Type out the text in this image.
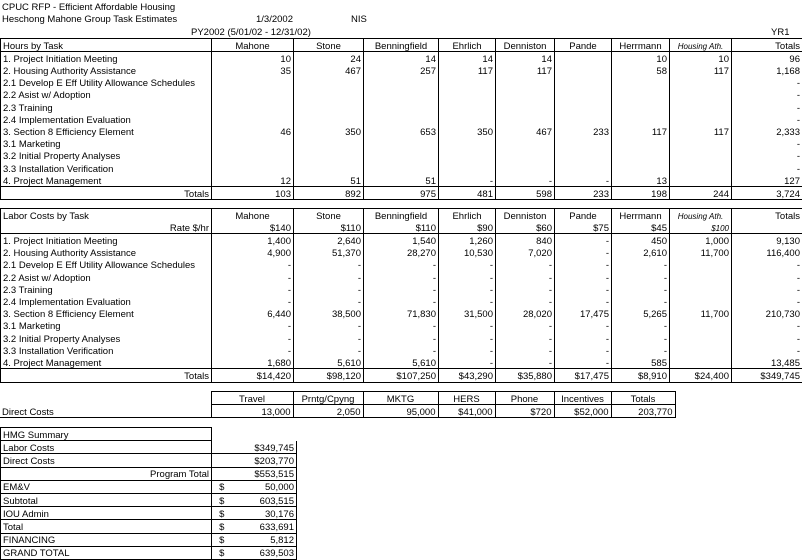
CPUC RFP - Efficient Affordable Housing
Heschong Mahone Group Task Estimates	1/3/2002	NIS
PY2002 (5/01/02 - 12/31/02)	YR1
Hours by Task	Mahone	Stone	Benningfield	Ehrlich	Denniston	Pande	Herrmann	Housing Ath.	Totals
1. Project Initiation Meeting	10	24	14	14	14		10	10	96
2. Housing Authority Assistance	35	467	257	117	117		58	117	1,168
2.1 Develop E Eff Utility Allowance Schedules									-
2.2 Asist w/ Adoption									-
2.3 Training									-
2.4 Implementation Evaluation									-
3. Section 8 Efficiency Element	46	350	653	350	467	233	117	117	2,333
3.1 Marketing									-
3.2 Initial Property Analyses									-
3.3 Installation Verification									-
4. Project Management	12	51	51	-	-	-	13		127
Totals	103	892	975	481	598	233	198	244	3,724
Labor Costs by Task	Mahone	Stone	Benningfield	Ehrlich	Denniston	Pande	Herrmann	Housing Ath.	Totals
Rate $/hr	$140	$110	$110	$90	$60	$75	$45	$100	
1. Project Initiation Meeting	1,400	2,640	1,540	1,260	840	-	450	1,000	9,130
2. Housing Authority Assistance	4,900	51,370	28,270	10,530	7,020	-	2,610	11,700	116,400
2.1 Develop E Eff Utility Allowance Schedules	-	-	-	-	-	-	-		-
2.2 Asist w/ Adoption	-	-	-	-	-	-	-		-
2.3 Training	-	-	-	-	-	-	-		-
2.4 Implementation Evaluation	-	-	-	-	-	-	-		-
3. Section 8 Efficiency Element	6,440	38,500	71,830	31,500	28,020	17,475	5,265	11,700	210,730
3.1 Marketing	-	-	-	-	-	-	-		-
3.2 Initial Property Analyses	-	-	-	-	-	-	-		-
3.3 Installation Verification	-	-	-	-	-	-	-		-
4. Project Management	1,680	5,610	5,610	-	-	-	585		13,485
Totals	$14,420	$98,120	$107,250	$43,290	$35,880	$17,475	$8,910	$24,400	$349,745
	Travel	Prntg/Cpyng	MKTG	HERS	Phone	Incentives	Totals
Direct Costs	13,000	2,050	95,000	$41,000	$720	$52,000	203,770
HMG Summary		
Labor Costs		$349,745
Direct Costs		$203,770
Program Total		$553,515
EM&V	$	50,000
Subtotal	$	603,515
IOU Admin	$	30,176
Total	$	633,691
FINANCING	$	5,812
GRAND TOTAL	$	639,503
